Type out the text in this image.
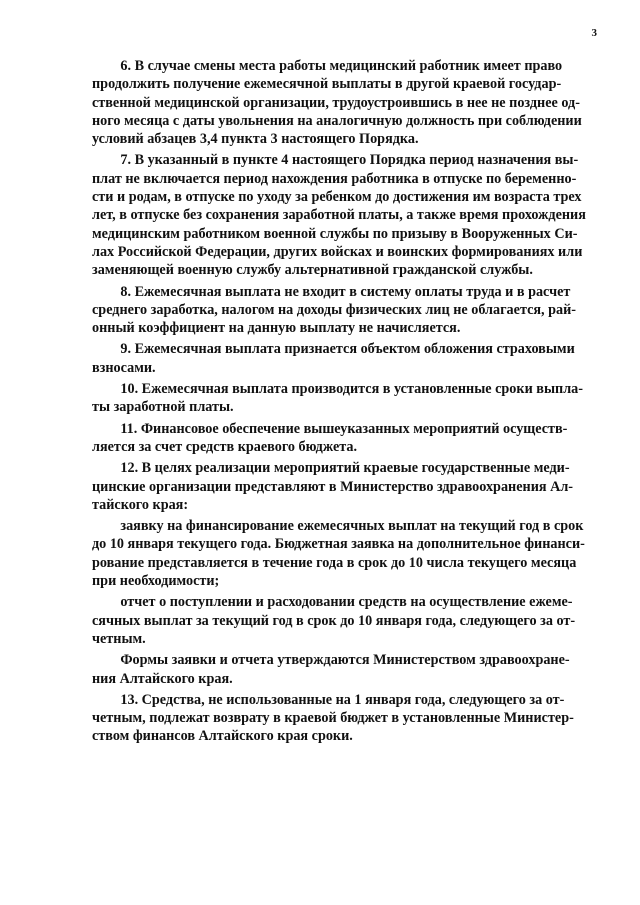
3

6. В случае смены места работы медицинский работник имеет право
продолжить получение ежемесячной выплаты в другой краевой государ-
ственной медицинской организации, трудоустроившись в нее не позднее од-
ного месяца с даты увольнения на аналогичную должность при соблюдении
условий абзацев 3,4 пункта 3 настоящего Порядка.

7. В указанный в пункте 4 настоящего Порядка период назначения вы-
плат не включается период нахождения работника в отпуске по беременно-
сти и родам, в отпуске по уходу за ребенком до достижения им возраста трех
лет, в отпуске без сохранения заработной платы, а также время прохождения
медицинским работником военной службы по призыву в Вооруженных Си-
лах Российской Федерации, других войсках и воинских формированиях или
заменяющей военную службу альтернативной гражданской службы.

8. Ежемесячная выплата не входит в систему оплаты труда и в расчет
среднего заработка, налогом на доходы физических лиц не облагается, рай-
онный коэффициент на данную выплату не начисляется.

9. Ежемесячная выплата признается объектом обложения страховыми
взносами.

10. Ежемесячная выплата производится в установленные сроки выпла-
ты заработной платы.

11. Финансовое обеспечение вышеуказанных мероприятий осуществ-
ляется за счет средств краевого бюджета.

12. В целях реализации мероприятий краевые государственные меди-
цинские организации представляют в Министерство здравоохранения Ал-
тайского края:

заявку на финансирование ежемесячных выплат на текущий год в срок
до 10 января текущего года. Бюджетная заявка на дополнительное финанси-
рование представляется в течение года в срок до 10 числа текущего месяца
при необходимости;

отчет о поступлении и расходовании средств на осуществление ежеме-
сячных выплат за текущий год в срок до 10 января года, следующего за от-
четным.

Формы заявки и отчета утверждаются Министерством здравоохране-
ния Алтайского края.

13. Средства, не использованные на 1 января года, следующего за от-
четным, подлежат возврату в краевой бюджет в установленные Министер-
ством финансов Алтайского края сроки.
